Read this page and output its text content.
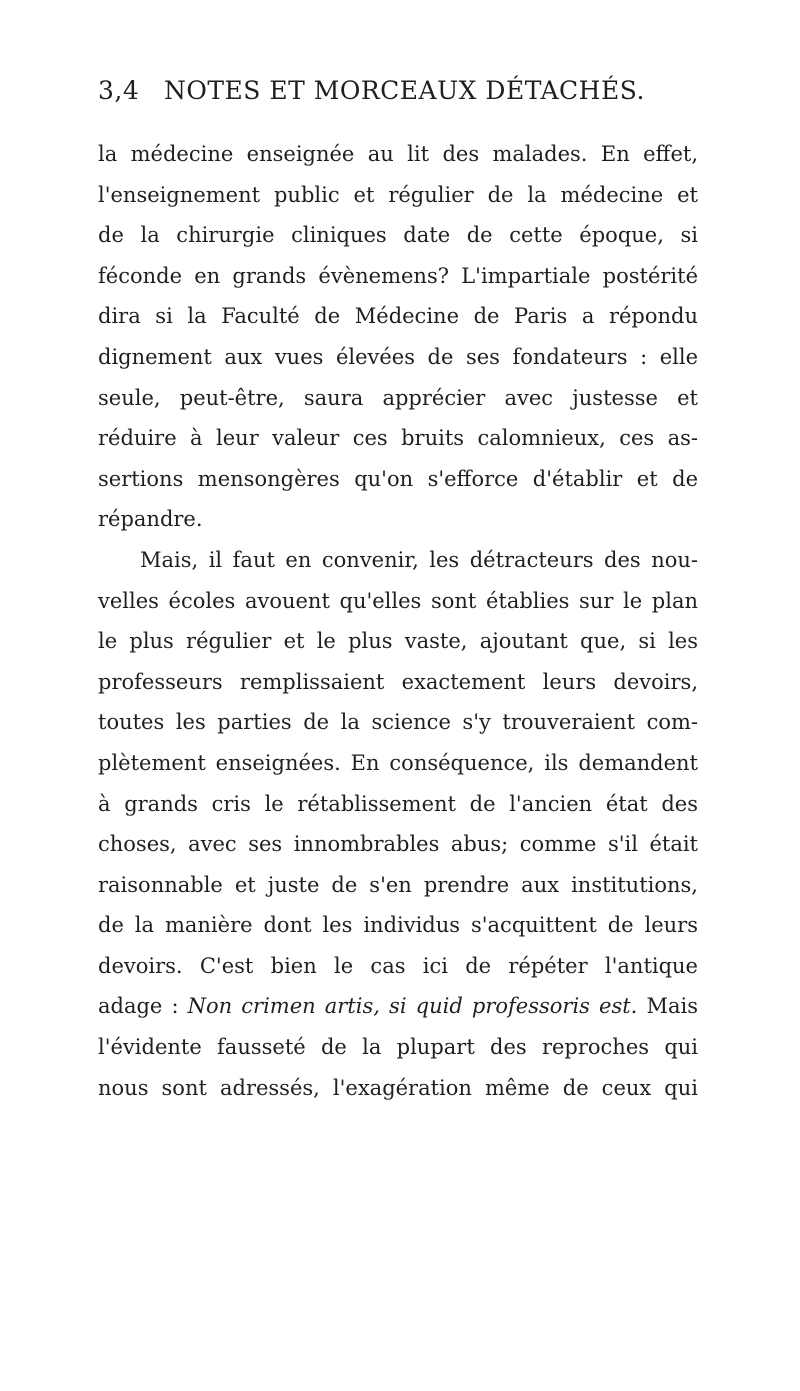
3,4 NOTES ET MORCEAUX DÉTACHÉS.
la médecine enseignée au lit des malades. En effet,
l'enseignement public et régulier de la médecine et
de la chirurgie cliniques date de cette époque, si
féconde en grands évènemens? L'impartiale postérité
dira si la Faculté de Médecine de Paris a répondu
dignement aux vues élevées de ses fondateurs : elle
seule, peut-être, saura apprécier avec justesse et
réduire à leur valeur ces bruits calomnieux, ces as-
sertions mensongères qu'on s'efforce d'établir et de
répandre.
Mais, il faut en convenir, les détracteurs des nou-
velles écoles avouent qu'elles sont établies sur le plan
le plus régulier et le plus vaste, ajoutant que, si les
professeurs remplissaient exactement leurs devoirs,
toutes les parties de la science s'y trouveraient com-
plètement enseignées. En conséquence, ils demandent
à grands cris le rétablissement de l'ancien état des
choses, avec ses innombrables abus; comme s'il était
raisonnable et juste de s'en prendre aux institutions,
de la manière dont les individus s'acquittent de leurs
devoirs. C'est bien le cas ici de répéter l'antique
adage : Non crimen artis, si quid professoris est. Mais
l'évidente fausseté de la plupart des reproches qui
nous sont adressés, l'exagération même de ceux qui
